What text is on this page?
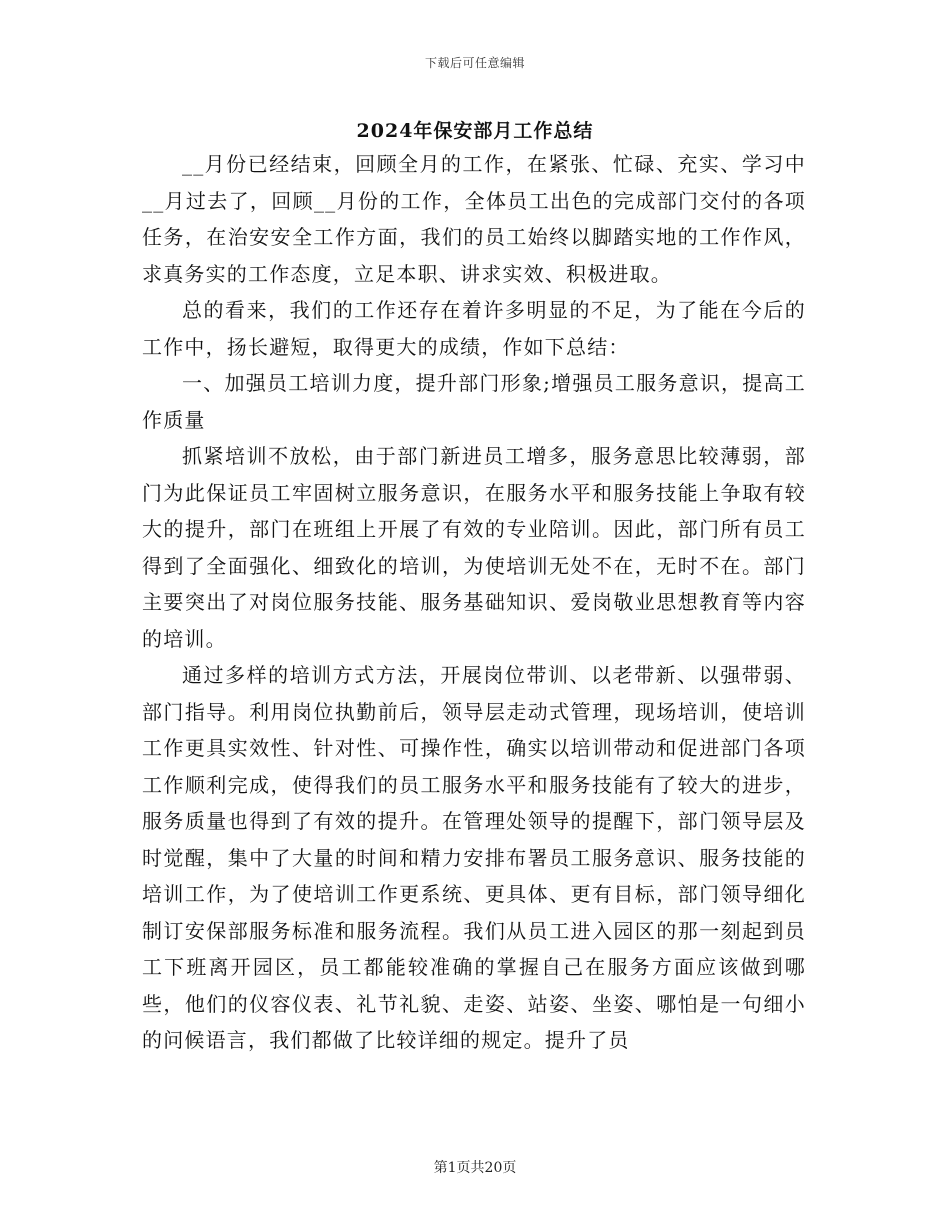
下载后可任意编辑
2024年保安部月工作总结

__月份已经结束，回顾全月的工作，在紧张、忙碌、充实、学习中__月过去了，回顾__月份的工作，全体员工出色的完成部门交付的各项任务，在治安安全工作方面，我们的员工始终以脚踏实地的工作作风，求真务实的工作态度，立足本职、讲求实效、积极进取。

总的看来，我们的工作还存在着许多明显的不足，为了能在今后的工作中，扬长避短，取得更大的成绩，作如下总结：

一、加强员工培训力度，提升部门形象;增强员工服务意识，提高工作质量

抓紧培训不放松，由于部门新进员工增多，服务意思比较薄弱，部门为此保证员工牢固树立服务意识，在服务水平和服务技能上争取有较大的提升，部门在班组上开展了有效的专业陪训。因此，部门所有员工得到了全面强化、细致化的培训，为使培训无处不在，无时不在。部门主要突出了对岗位服务技能、服务基础知识、爱岗敬业思想教育等内容的培训。

通过多样的培训方式方法，开展岗位带训、以老带新、以强带弱、部门指导。利用岗位执勤前后，领导层走动式管理，现场培训，使培训工作更具实效性、针对性、可操作性，确实以培训带动和促进部门各项工作顺利完成，使得我们的员工服务水平和服务技能有了较大的进步，服务质量也得到了有效的提升。在管理处领导的提醒下，部门领导层及时觉醒，集中了大量的时间和精力安排布署员工服务意识、服务技能的培训工作，为了使培训工作更系统、更具体、更有目标，部门领导细化制订安保部服务标准和服务流程。我们从员工进入园区的那一刻起到员工下班离开园区，员工都能较准确的掌握自己在服务方面应该做到哪些，他们的仪容仪表、礼节礼貌、走姿、站姿、坐姿、哪怕是一句细小的问候语言，我们都做了比较详细的规定。提升了员

第1页共20页
